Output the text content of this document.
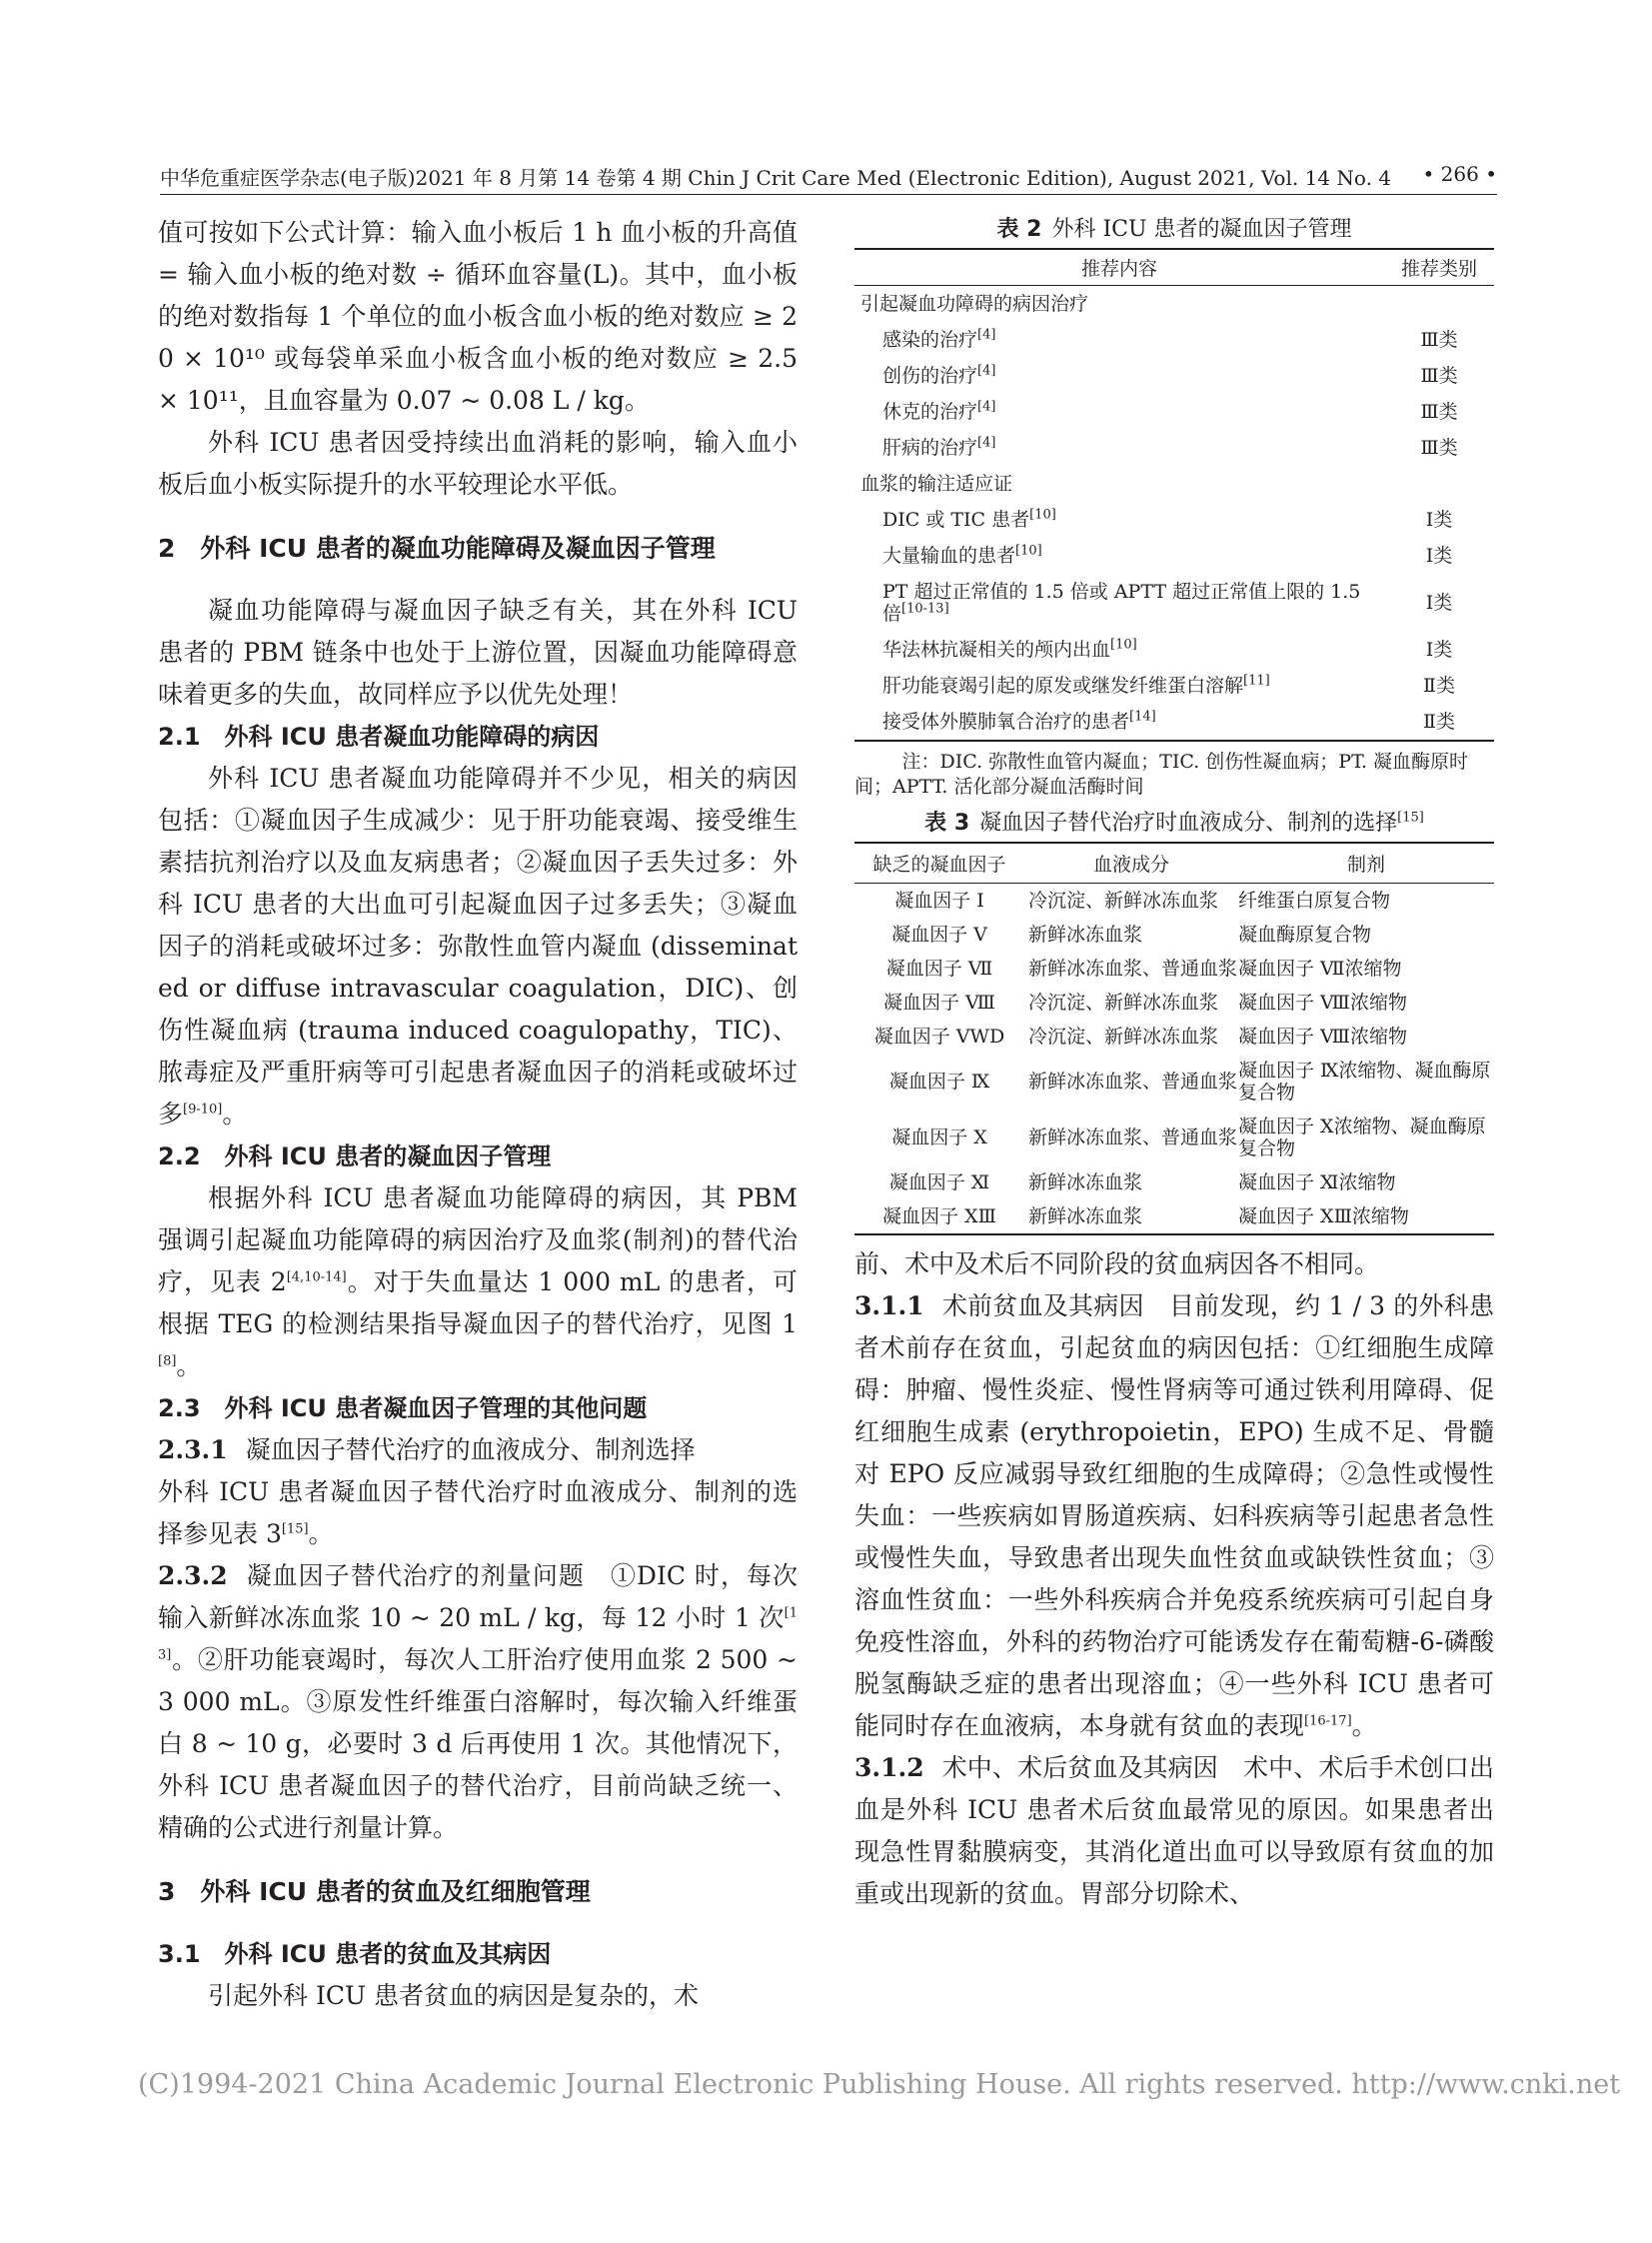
中华危重症医学杂志(电子版)2021 年 8 月第 14 卷第 4 期 Chin J Crit Care Med (Electronic Edition), August 2021, Vol. 14 No. 4 • 266 •

值可按如下公式计算：输入血小板后 1 h 血小板的升高值 = 输入血小板的绝对数 ÷ 循环血容量(L)。其中，血小板的绝对数指每 1 个单位的血小板含血小板的绝对数应 ≥ 20 × 10¹⁰ 或每袋单采血小板含血小板的绝对数应 ≥ 2.5 × 10¹¹，且血容量为 0.07 ~ 0.08 L / kg。

外科 ICU 患者因受持续出血消耗的影响，输入血小板后血小板实际提升的水平较理论水平低。

2　外科 ICU 患者的凝血功能障碍及凝血因子管理

凝血功能障碍与凝血因子缺乏有关，其在外科 ICU 患者的 PBM 链条中也处于上游位置，因凝血功能障碍意味着更多的失血，故同样应予以优先处理！

2.1　外科 ICU 患者凝血功能障碍的病因

外科 ICU 患者凝血功能障碍并不少见，相关的病因包括：①凝血因子生成减少：见于肝功能衰竭、接受维生素拮抗剂治疗以及血友病患者；②凝血因子丢失过多：外科 ICU 患者的大出血可引起凝血因子过多丢失；③凝血因子的消耗或破坏过多：弥散性血管内凝血 (disseminated or diffuse intravascular coagulation，DIC)、创伤性凝血病 (trauma induced coagulopathy，TIC)、脓毒症及严重肝病等可引起患者凝血因子的消耗或破坏过多[9-10]。

2.2　外科 ICU 患者的凝血因子管理

根据外科 ICU 患者凝血功能障碍的病因，其 PBM 强调引起凝血功能障碍的病因治疗及血浆(制剂)的替代治疗，见表 2[4,10-14]。对于失血量达 1 000 mL 的患者，可根据 TEG 的检测结果指导凝血因子的替代治疗，见图 1[8]。

2.3　外科 ICU 患者凝血因子管理的其他问题

2.3.1 凝血因子替代治疗的血液成分、制剂选择
外科 ICU 患者凝血因子替代治疗时血液成分、制剂的选择参见表 3[15]。

2.3.2 凝血因子替代治疗的剂量问题　 ①DIC 时，每次输入新鲜冰冻血浆 10 ~ 20 mL / kg，每 12 小时 1 次[13]。②肝功能衰竭时，每次人工肝治疗使用血浆 2 500 ~ 3 000 mL。③原发性纤维蛋白溶解时，每次输入纤维蛋白 8 ~ 10 g，必要时 3 d 后再使用 1 次。其他情况下，外科 ICU 患者凝血因子的替代治疗，目前尚缺乏统一、精确的公式进行剂量计算。

3　外科 ICU 患者的贫血及红细胞管理
3.1　外科 ICU 患者的贫血及其病因

引起外科 ICU 患者贫血的病因是复杂的，术

表 2 外科 ICU 患者的凝血因子管理

推荐内容	推荐类别
引起凝血功障碍的病因治疗	
感染的治疗[4]	Ⅲ类
创伤的治疗[4]	Ⅲ类
休克的治疗[4]	Ⅲ类
肝病的治疗[4]	Ⅲ类
血浆的输注适应证	
DIC 或 TIC 患者[10]	Ⅰ类
大量输血的患者[10]	Ⅰ类
PT 超过正常值的 1.5 倍或 APTT 超过正常值上限的 1.5 倍[10-13]	Ⅰ类
华法林抗凝相关的颅内出血[10]	Ⅰ类
肝功能衰竭引起的原发或继发纤维蛋白溶解[11]	Ⅱ类
接受体外膜肺氧合治疗的患者[14]	Ⅱ类

注：DIC. 弥散性血管内凝血；TIC. 创伤性凝血病；PT. 凝血酶原时间；APTT. 活化部分凝血活酶时间

表 3 凝血因子替代治疗时血液成分、制剂的选择[15]

缺乏的凝血因子	血液成分	制剂
凝血因子 Ⅰ	冷沉淀、新鲜冰冻血浆	纤维蛋白原复合物
凝血因子 Ⅴ	新鲜冰冻血浆	凝血酶原复合物
凝血因子 Ⅶ	新鲜冰冻血浆、普通血浆	凝血因子 Ⅶ浓缩物
凝血因子 Ⅷ	冷沉淀、新鲜冰冻血浆	凝血因子 Ⅷ浓缩物
凝血因子 VWD	冷沉淀、新鲜冰冻血浆	凝血因子 Ⅷ浓缩物
凝血因子 Ⅸ	新鲜冰冻血浆、普通血浆	凝血因子 Ⅸ浓缩物、凝血酶原复合物
凝血因子 Ⅹ	新鲜冰冻血浆、普通血浆	凝血因子 Ⅹ浓缩物、凝血酶原复合物
凝血因子 Ⅺ	新鲜冰冻血浆	凝血因子 Ⅺ浓缩物
凝血因子 ⅩⅢ	新鲜冰冻血浆	凝血因子 ⅩⅢ浓缩物

前、术中及术后不同阶段的贫血病因各不相同。

3.1.1 术前贫血及其病因　 目前发现，约 1 / 3 的外科患者术前存在贫血，引起贫血的病因包括：①红细胞生成障碍：肿瘤、慢性炎症、慢性肾病等可通过铁利用障碍、促红细胞生成素 (erythropoietin，EPO) 生成不足、骨髓对 EPO 反应减弱导致红细胞的生成障碍；②急性或慢性失血：一些疾病如胃肠道疾病、妇科疾病等引起患者急性或慢性失血，导致患者出现失血性贫血或缺铁性贫血；③溶血性贫血：一些外科疾病合并免疫系统疾病可引起自身免疫性溶血，外科的药物治疗可能诱发存在葡萄糖-6-磷酸脱氢酶缺乏症的患者出现溶血；④一些外科 ICU 患者可能同时存在血液病，本身就有贫血的表现[16-17]。

3.1.2 术中、术后贫血及其病因　 术中、术后手术创口出血是外科 ICU 患者术后贫血最常见的原因。如果患者出现急性胃黏膜病变，其消化道出血可以导致原有贫血的加重或出现新的贫血。胃部分切除术、

(C)1994-2021 China Academic Journal Electronic Publishing House. All rights reserved. http://www.cnki.net
